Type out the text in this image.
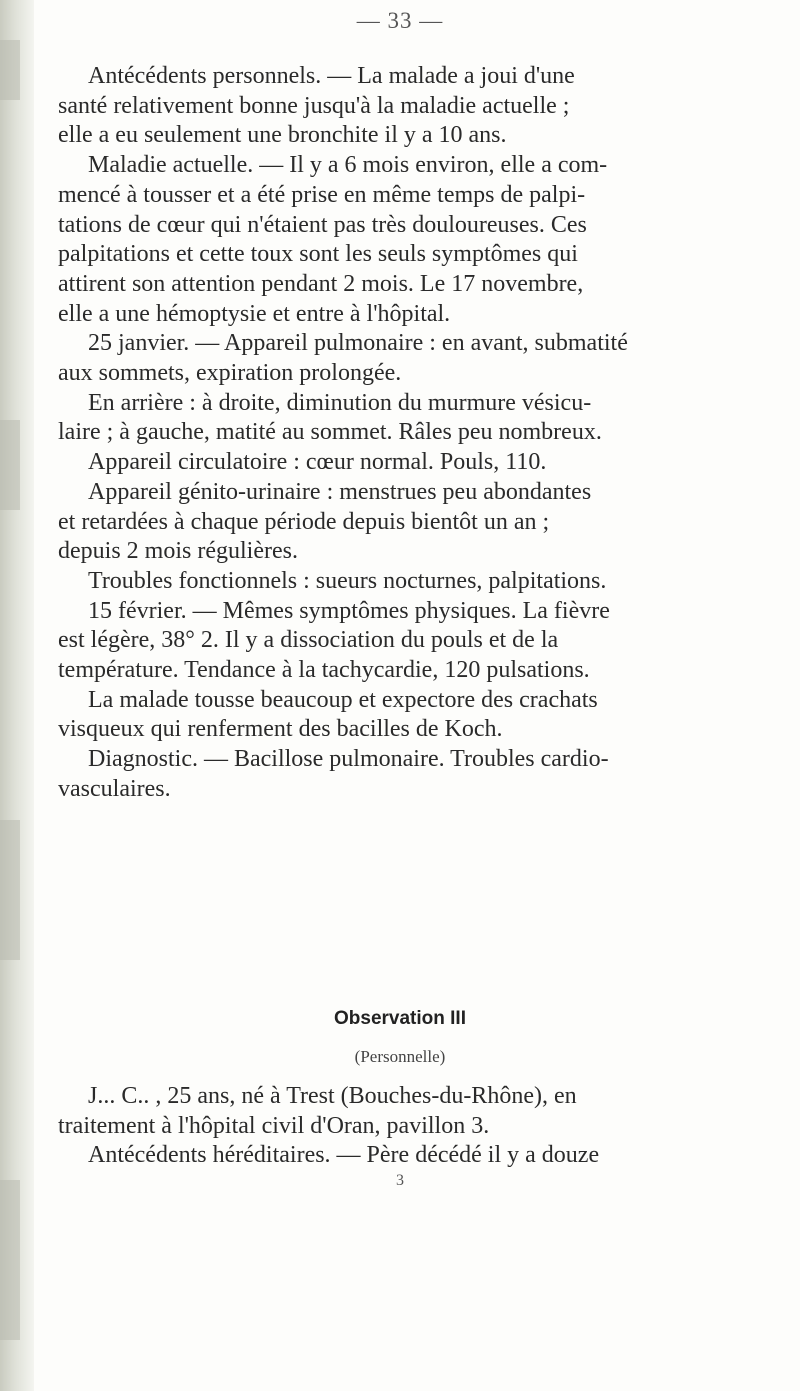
— 33 —
Antécédents personnels. — La malade a joui d'une
santé relativement bonne jusqu'à la maladie actuelle ;
elle a eu seulement une bronchite il y a 10 ans.
Maladie actuelle. — Il y a 6 mois environ, elle a com-
mencé à tousser et a été prise en même temps de palpi-
tations de cœur qui n'étaient pas très douloureuses. Ces
palpitations et cette toux sont les seuls symptômes qui
attirent son attention pendant 2 mois. Le 17 novembre,
elle a une hémoptysie et entre à l'hôpital.
25 janvier. — Appareil pulmonaire : en avant, submatité
aux sommets, expiration prolongée.
En arrière : à droite, diminution du murmure vésicu-
laire ; à gauche, matité au sommet. Râles peu nombreux.
Appareil circulatoire : cœur normal. Pouls, 110.
Appareil génito-urinaire : menstrues peu abondantes
et retardées à chaque période depuis bientôt un an ;
depuis 2 mois régulières.
Troubles fonctionnels : sueurs nocturnes, palpitations.
15 février. — Mêmes symptômes physiques. La fièvre
est légère, 38° 2. Il y a dissociation du pouls et de la
température. Tendance à la tachycardie, 120 pulsations.
La malade tousse beaucoup et expectore des crachats
visqueux qui renferment des bacilles de Koch.
Diagnostic. — Bacillose pulmonaire. Troubles cardio-
vasculaires.
Observation III
(Personnelle)
J... C.. , 25 ans, né à Trest (Bouches-du-Rhône), en
traitement à l'hôpital civil d'Oran, pavillon 3.
Antécédents héréditaires. — Père décédé il y a douze
3
